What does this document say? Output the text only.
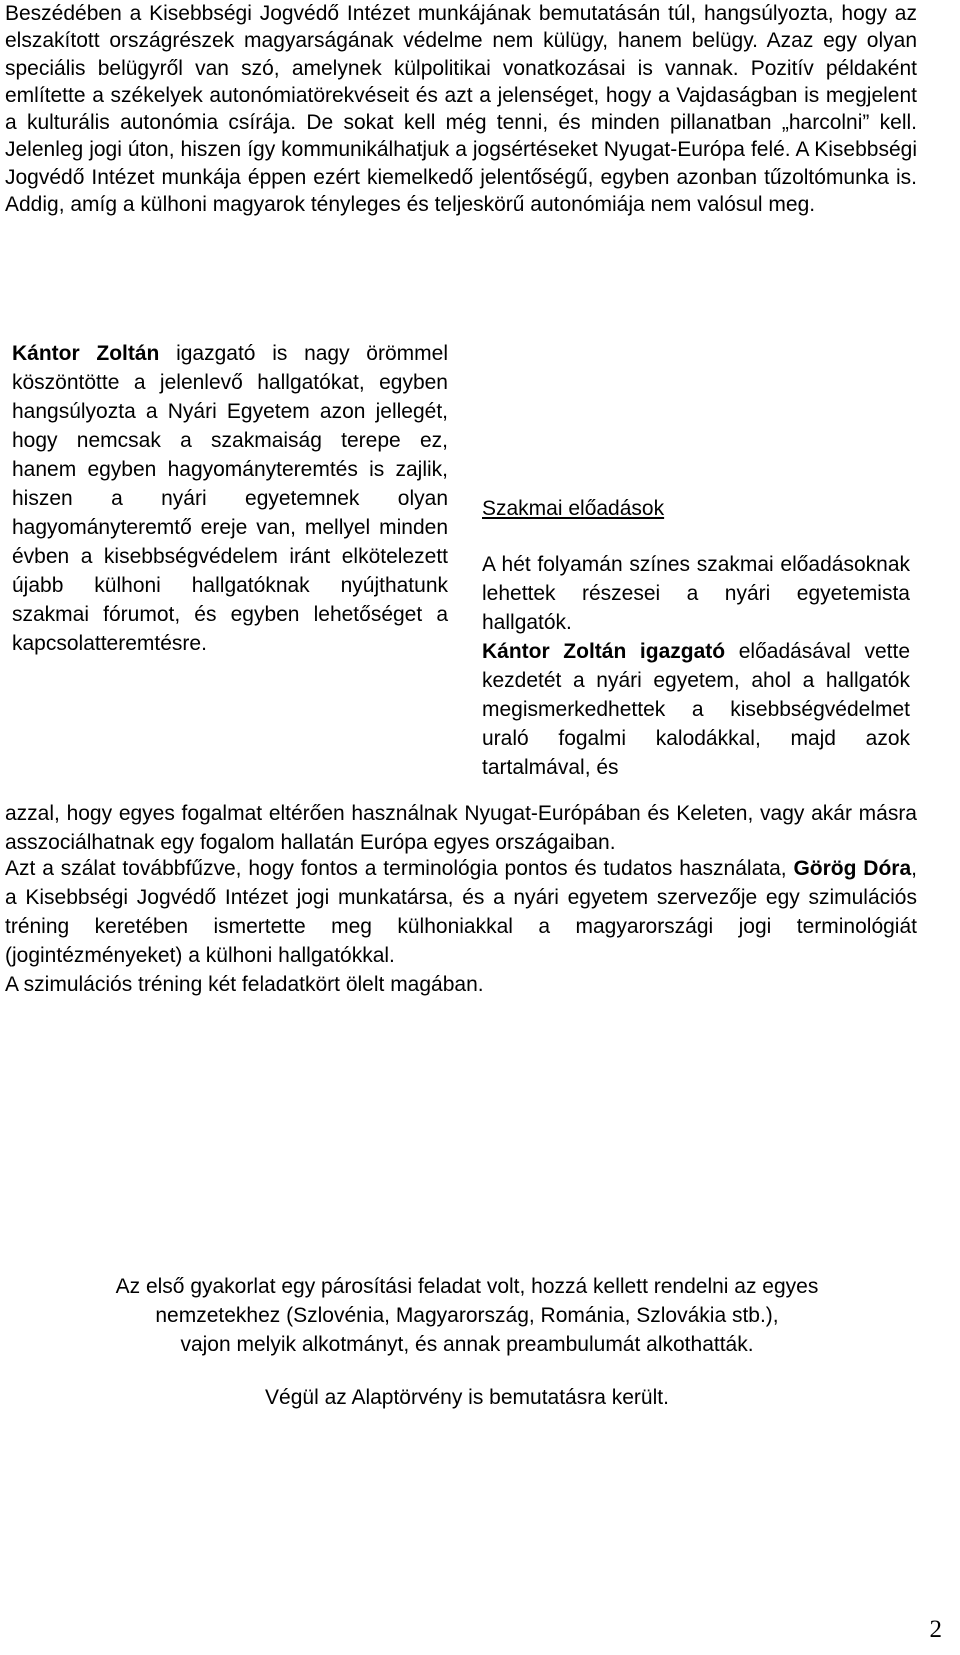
Beszédében a Kisebbségi Jogvédő Intézet munkájának bemutatásán túl, hangsúlyozta, hogy az elszakított országrészek magyarságának védelme nem külügy, hanem belügy. Azaz egy olyan speciális belügyről van szó, amelynek külpolitikai vonatkozásai is vannak. Pozitív példaként említette a székelyek autonómiatörekvéseit és azt a jelenséget, hogy a Vajdaságban is megjelent a kulturális autonómia csírája. De sokat kell még tenni, és minden pillanatban „harcolni” kell. Jelenleg jogi úton, hiszen így kommunikálhatjuk a jogsértéseket Nyugat-Európa felé. A Kisebbségi Jogvédő Intézet munkája éppen ezért kiemelkedő jelentőségű, egyben azonban tűzoltómunka is. Addig, amíg a külhoni magyarok tényleges és teljeskörű autonómiája nem valósul meg.

Kántor Zoltán igazgató is nagy örömmel köszöntötte a jelenlevő hallgatókat, egyben hangsúlyozta a Nyári Egyetem azon jellegét, hogy nemcsak a szakmaiság terepe ez, hanem egyben hagyományteremtés is zajlik, hiszen a nyári egyetemnek olyan hagyományteremtő ereje van, mellyel minden évben a kisebbségvédelem iránt elkötelezett újabb külhoni hallgatóknak nyújthatunk szakmai fórumot, és egyben lehetőséget a kapcsolatteremtésre.

Szakmai előadások

A hét folyamán színes szakmai előadásoknak lehettek részesei a nyári egyetemista hallgatók.
Kántor Zoltán igazgató előadásával vette kezdetét a nyári egyetem, ahol a hallgatók megismerkedhettek a kisebbségvédelmet uraló fogalmi kalodákkal, majd azok tartalmával, és

azzal, hogy egyes fogalmat eltérően használnak Nyugat-Európában és Keleten, vagy akár másra asszociálhatnak egy fogalom hallatán Európa egyes országaiban.

Azt a szálat továbbfűzve, hogy fontos a terminológia pontos és tudatos használata, Görög Dóra, a Kisebbségi Jogvédő Intézet jogi munkatársa, és a nyári egyetem szervezője egy szimulációs tréning keretében ismertette meg külhoniakkal a magyarországi jogi terminológiát (jogintézményeket) a külhoni hallgatókkal.
A szimulációs tréning két feladatkört ölelt magában.

Az első gyakorlat egy párosítási feladat volt, hozzá kellett rendelni az egyes
nemzetekhez (Szlovénia, Magyarország, Románia, Szlovákia stb.),
vajon melyik alkotmányt, és annak preambulumát alkothatták.

Végül az Alaptörvény is bemutatásra került.

2
